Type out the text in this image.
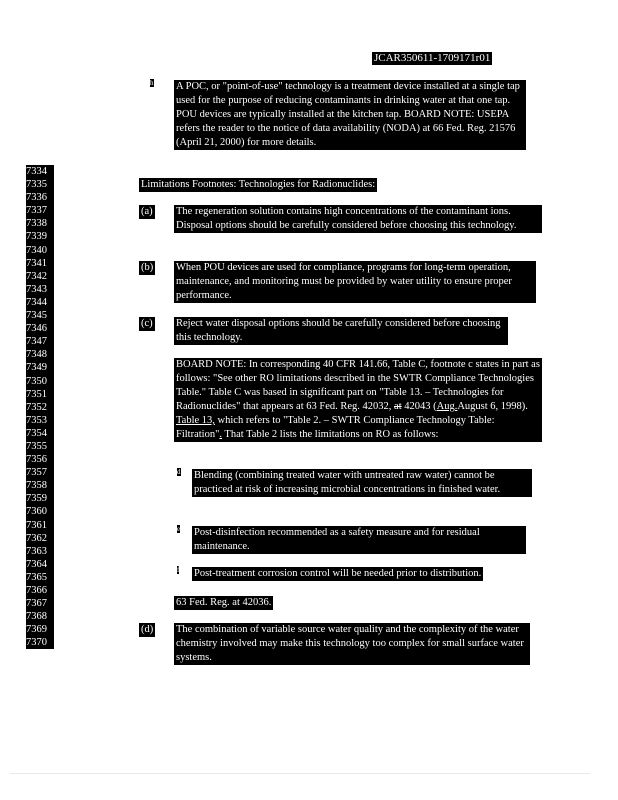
JCAR350611-1709171r01
h A POC, or "point-of-use" technology is a treatment device installed at a single tap used for the purpose of reducing contaminants in drinking water at that one tap. POU devices are typically installed at the kitchen tap. BOARD NOTE: USEPA refers the reader to the notice of data availability (NODA) at 66 Fed. Reg. 21576 (April 21, 2000) for more details.
7334
7335
7336
7337
7338
7339
7340
7341
7342
7343
7344
7345
7346
7347
7348
7349
7350
7351
7352
7353
7354
7355
7356
7357
7358
7359
7360
7361
7362
7363
7364
7365
7366
7367
7368
7369
7370
Limitations Footnotes: Technologies for Radionuclides:
(a) The regeneration solution contains high concentrations of the contaminant ions. Disposal options should be carefully considered before choosing this technology.
(b) When POU devices are used for compliance, programs for long-term operation, maintenance, and monitoring must be provided by water utility to ensure proper performance.
(c) Reject water disposal options should be carefully considered before choosing this technology.
BOARD NOTE: In corresponding 40 CFR 141.66, Table C, footnote c states in part as follows: "See other RO limitations described in the SWTR Compliance Technologies Table." Table C was based in significant part on "Table 13. – Technologies for Radionuclides" that appears at 63 Fed. Reg. 42032, at 42043 (Aug.August 6, 1998). Table 13, which refers to "Table 2. – SWTR Compliance Technology Table: Filtration". That Table 2 lists the limitations on RO as follows:
d Blending (combining treated water with untreated raw water) cannot be practiced at risk of increasing microbial concentrations in finished water.
e Post-disinfection recommended as a safety measure and for residual maintenance.
f Post-treatment corrosion control will be needed prior to distribution.
63 Fed. Reg. at 42036.
(d) The combination of variable source water quality and the complexity of the water chemistry involved may make this technology too complex for small surface water systems.
